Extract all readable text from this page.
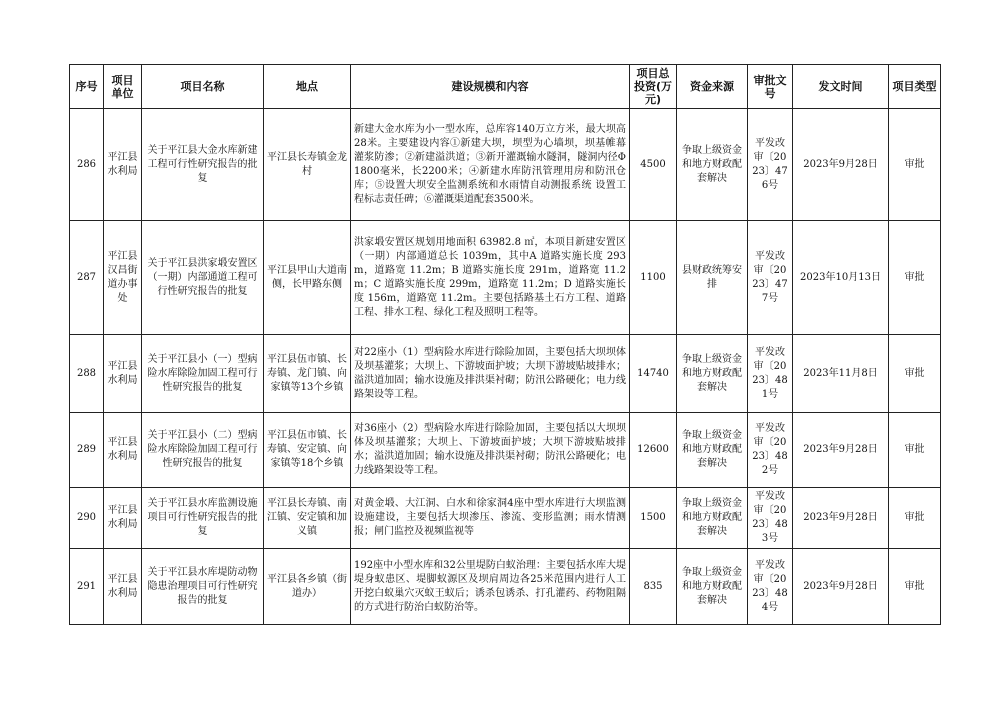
序号	项目单位	项目名称	地点	建设规模和内容	项目总投资(万元)	资金来源	审批文号	发文时间	项目类型
286	平江县水利局	关于平江县大金水库新建工程可行性研究报告的批复	平江县长寿镇金龙村	新建大金水库为小一型水库，总库容140万立方米，最大坝高28米。主要建设内容①新建大坝，坝型为心墙坝，坝基帷幕灌浆防渗；②新建溢洪道；③新开灌溉输水隧洞，隧洞内径Φ1800毫米，长2200米；④新建水库防汛管理用房和防汛仓库；⑤设置大坝安全监测系统和水雨情自动测报系统 设置工程标志责任碑；⑥灌溉渠道配套3500米。	4500	争取上级资金和地方财政配套解决	平发改审〔2023〕476号	2023年9月28日	审批
287	平江县汉昌街道办事处	关于平江县洪家塅安置区（一期）内部通道工程可行性研究报告的批复	平江县甲山大道南侧，长甲路东侧	洪家塅安置区规划用地面积 63982.8 ㎡，本项目新建安置区（一期）内部通道总长 1039m，其中A 道路实施长度 293m，道路宽 11.2m；B 道路实施长度 291m，道路宽 11.2m；C 道路实施长度 299m，道路宽 11.2m；D 道路实施长度 156m，道路宽 11.2m。主要包括路基土石方工程、道路工程、排水工程、绿化工程及照明工程等。	1100	县财政统筹安排	平发改审〔2023〕477号	2023年10月13日	审批
288	平江县水利局	关于平江县小（一）型病险水库除险加固工程可行性研究报告的批复	平江县伍市镇、长寿镇、龙门镇、向家镇等13个乡镇	对22座小（1）型病险水库进行除险加固，主要包括大坝坝体及坝基灌浆；大坝上、下游坡面护坡；大坝下游坡贴坡排水；溢洪道加固；输水设施及排洪渠衬砌；防汛公路硬化；电力线路架设等工程。	14740	争取上级资金和地方财政配套解决	平发改审〔2023〕481号	2023年11月8日	审批
289	平江县水利局	关于平江县小（二）型病险水库除险加固工程可行性研究报告的批复	平江县伍市镇、长寿镇、安定镇、向家镇等18个乡镇	对36座小（2）型病险水库进行除险加固，主要包括以大坝坝体及坝基灌浆；大坝上、下游坡面护坡；大坝下游坡贴坡排水；溢洪道加固；输水设施及排洪渠衬砌；防汛公路硬化；电力线路架设等工程。	12600	争取上级资金和地方财政配套解决	平发改审〔2023〕482号	2023年9月28日	审批
290	平江县水利局	关于平江县水库监测设施项目可行性研究报告的批复	平江县长寿镇、南江镇、安定镇和加义镇	对黄金塅、大江洞、白水和徐家洞4座中型水库进行大坝监测设施建设，主要包括大坝渗压、渗流、变形监测；雨水情测报；闸门监控及视频监视等	1500	争取上级资金和地方财政配套解决	平发改审〔2023〕483号	2023年9月28日	审批
291	平江县水利局	关于平江县水库堤防动物隐患治理项目可行性研究报告的批复	平江县各乡镇（街道办）	192座中小型水库和32公里堤防白蚁治理：主要包括水库大堤堤身蚁患区、堤脚蚁源区及坝肩周边各25米范围内进行人工开挖白蚁巢穴灭蚁王蚁后；诱杀包诱杀、打孔灌药、药物阻隔的方式进行防治白蚁防治等。	835	争取上级资金和地方财政配套解决	平发改审〔2023〕484号	2023年9月28日	审批
